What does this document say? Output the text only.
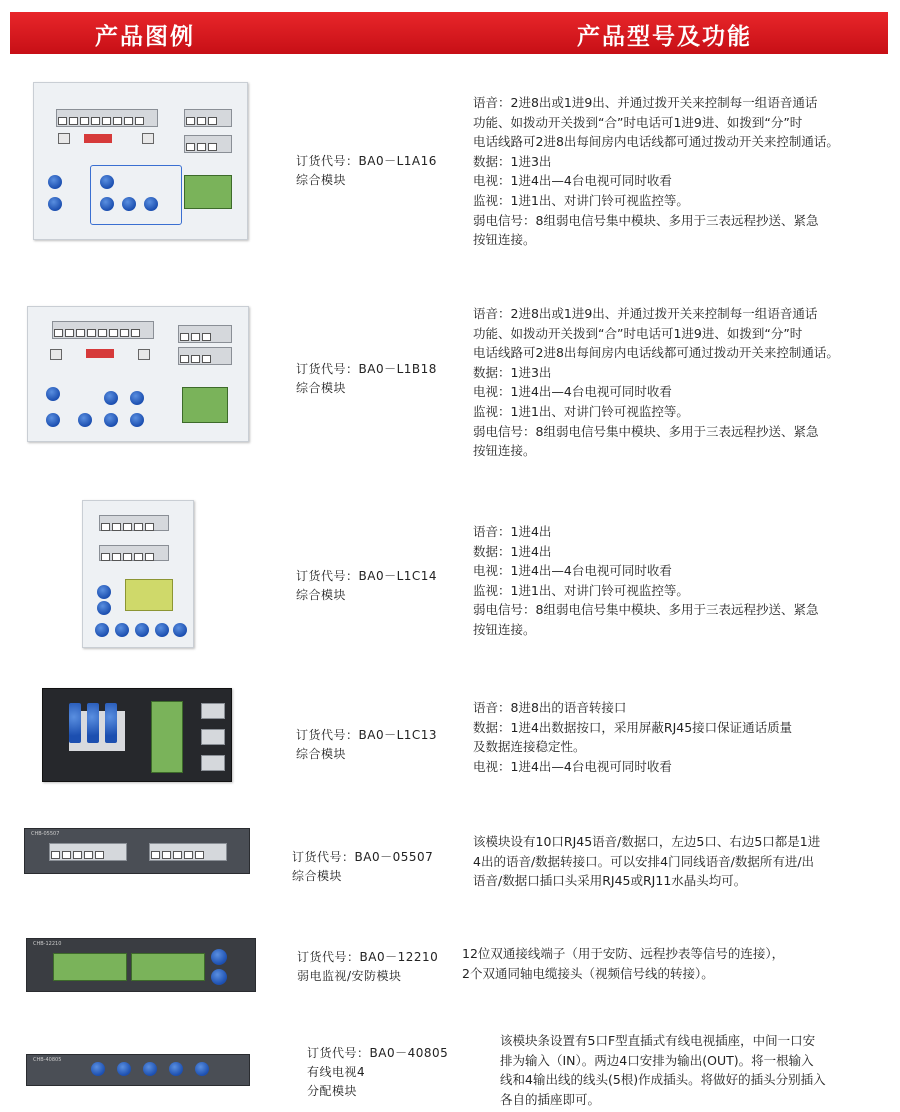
产品图例	产品型号及功能
订货代号：BA0－L1A16
综合模块
语音：2进8出或1进9出、并通过拨开关来控制每一组语音通话
功能、如拨动开关拨到“合”时电话可1进9进、如拨到“分”时
电话线路可2进8出每间房内电话线都可通过拨动开关来控制通话。
数据：1进3出
电视：1进4出—4台电视可同时收看
监视：1进1出、对讲门铃可视监控等。
弱电信号：8组弱电信号集中模块、多用于三表远程抄送、紧急
按钮连接。
订货代号：BA0－L1B18
综合模块
语音：2进8出或1进9出、并通过拨开关来控制每一组语音通话
功能、如拨动开关拨到“合”时电话可1进9进、如拨到“分”时
电话线路可2进8出每间房内电话线都可通过拨动开关来控制通话。
数据：1进3出
电视：1进4出—4台电视可同时收看
监视：1进1出、对讲门铃可视监控等。
弱电信号：8组弱电信号集中模块、多用于三表远程抄送、紧急
按钮连接。
订货代号：BA0－L1C14
综合模块
语音：1进4出
数据：1进4出
电视：1进4出—4台电视可同时收看
监视：1进1出、对讲门铃可视监控等。
弱电信号：8组弱电信号集中模块、多用于三表远程抄送、紧急
按钮连接。
订货代号：BA0－L1C13
综合模块
语音：8进8出的语音转接口
数据：1进4出数据按口，采用屏蔽RJ45接口保证通话质量
及数据连接稳定性。
电视：1进4出—4台电视可同时收看
CHB-05507
订货代号：BA0－05507
综合模块
该模块设有10口RJ45语音/数据口，左边5口、右边5口都是1进
4出的语音/数据转接口。可以安排4门同线语音/数据所有进/出
语音/数据口插口头采用RJ45或RJ11水晶头均可。
CHB-12210
订货代号：BA0－12210
弱电监视/安防模块
12位双通接线端子（用于安防、远程抄表等信号的连接），
2个双通同轴电缆接头（视频信号线的转接）。
CHB-40805	订货代号：BA0－40805
有线电视4
分配模块
该模块条设置有5口F型直插式有线电视插座，中间一口安
排为输入（IN）。两边4口安排为输出(OUT)。将一根输入
线和4输出线的线头(5根)作成插头。将做好的插头分别插入
各自的插座即可。
